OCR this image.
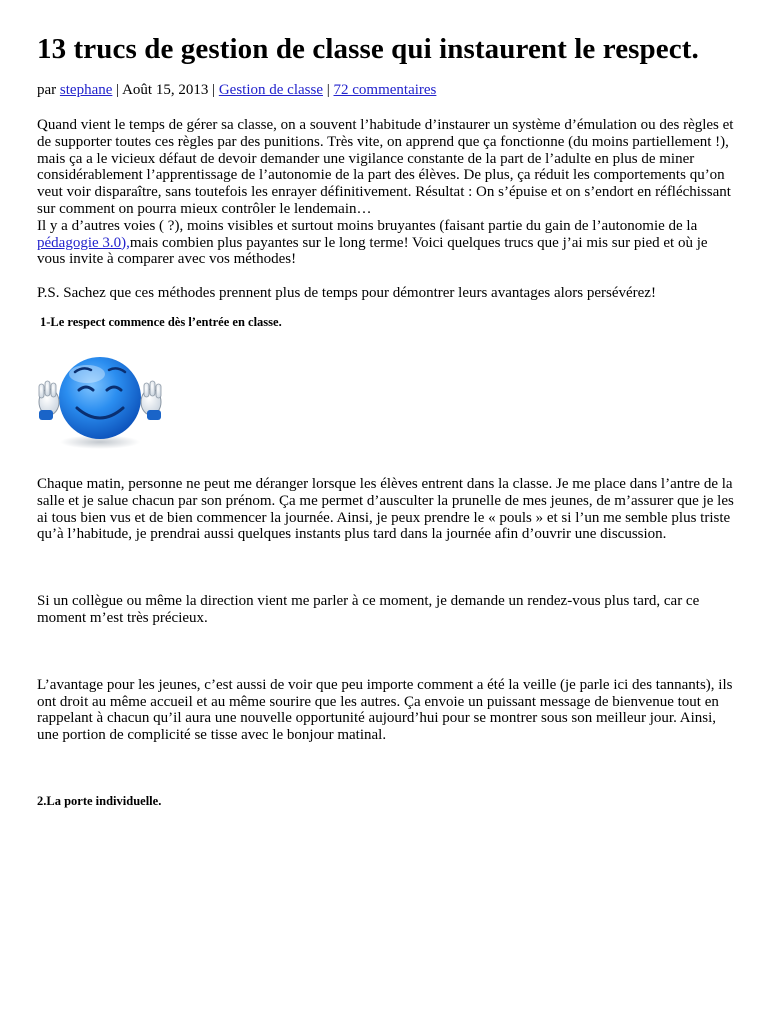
13 trucs de gestion de classe qui instaurent le respect.
par stephane | Août 15, 2013 | Gestion de classe | 72 commentaires

Quand vient le temps de gérer sa classe, on a souvent l’habitude d’instaurer un système d’émulation ou des règles et de supporter toutes ces règles par des punitions. Très vite, on apprend que ça fonctionne (du moins partiellement !), mais ça a le vicieux défaut de devoir demander une vigilance constante de la part de l’adulte en plus de miner considérablement l’apprentissage de l’autonomie de la part des élèves. De plus, ça réduit les comportements qu’on veut voir disparaître, sans toutefois les enrayer définitivement. Résultat : On s’épuise et on s’endort en réfléchissant sur comment on pourra mieux contrôler le lendemain…
Il y a d’autres voies ( ?), moins visibles et surtout moins bruyantes (faisant partie du gain de l’autonomie de la pédagogie 3.0),mais combien plus payantes sur le long terme! Voici quelques trucs que j’ai mis sur pied et où je vous invite à comparer avec vos méthodes!

P.S. Sachez que ces méthodes prennent plus de temps pour démontrer leurs avantages alors persévérez!

1-Le respect commence dès l’entrée en classe.

Chaque matin, personne ne peut me déranger lorsque les élèves entrent dans la classe. Je me place dans l’antre de la salle et je salue chacun par son prénom. Ça me permet d’ausculter la prunelle de mes jeunes, de m’assurer que je les ai tous bien vus et de bien commencer la journée. Ainsi, je peux prendre le « pouls » et si l’un me semble plus triste qu’à l’habitude, je prendrai aussi quelques instants plus tard dans la journée afin d’ouvrir une discussion.

Si un collègue ou même la direction vient me parler à ce moment, je demande un rendez-vous plus tard, car ce moment m’est très précieux.

L’avantage pour les jeunes, c’est aussi de voir que peu importe comment a été la veille (je parle ici des tannants), ils ont droit au même accueil et au même sourire que les autres. Ça envoie un puissant message de bienvenue tout en rappelant à chacun qu’il aura une nouvelle opportunité aujourd’hui pour se montrer sous son meilleur jour. Ainsi, une portion de complicité se tisse avec le bonjour matinal.

2.La porte individuelle.
